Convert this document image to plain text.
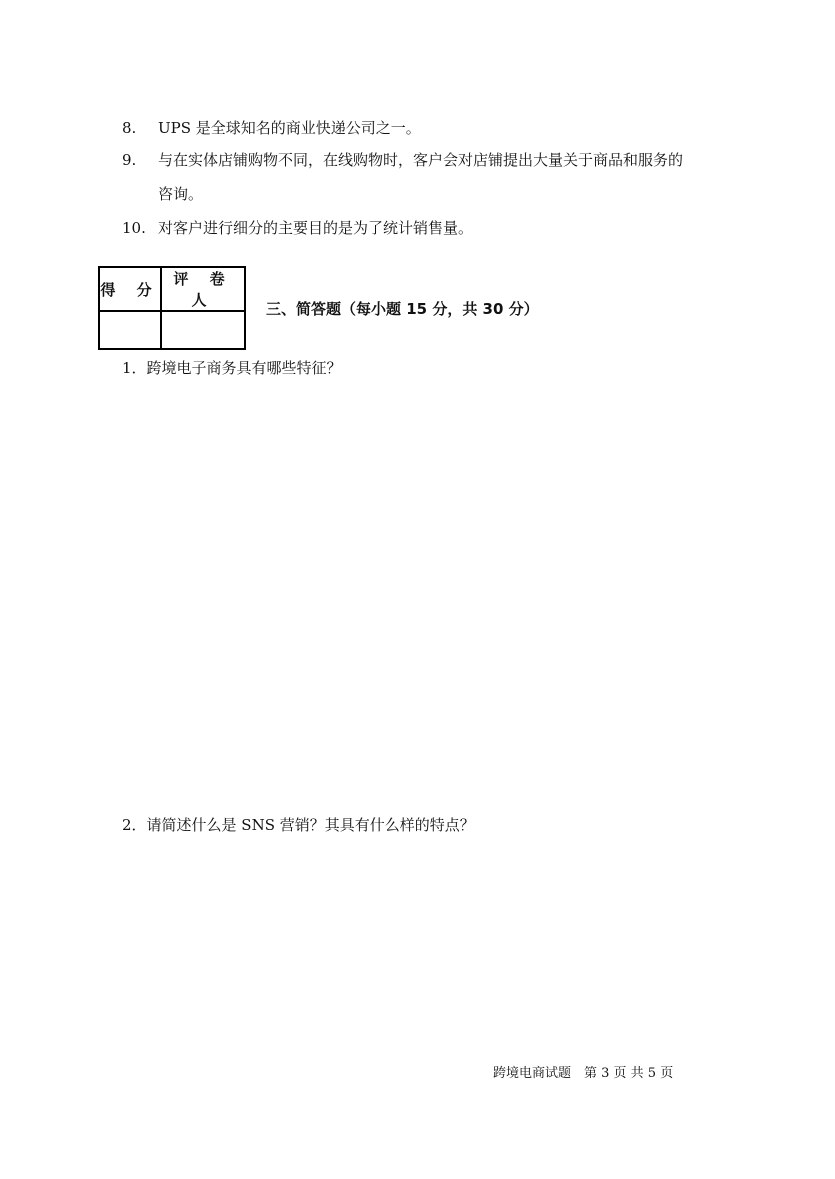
8. UPS 是全球知名的商业快递公司之一。
9. 与在实体店铺购物不同，在线购物时，客户会对店铺提出大量关于商品和服务的
咨询。
10. 对客户进行细分的主要目的是为了统计销售量。
得 分	评 卷 人
		三、简答题（每小题 15 分，共 30 分）
1．跨境电子商务具有哪些特征？
2．请简述什么是 SNS 营销？其具有什么样的特点？
跨境电商试题　第 3 页 共 5 页
